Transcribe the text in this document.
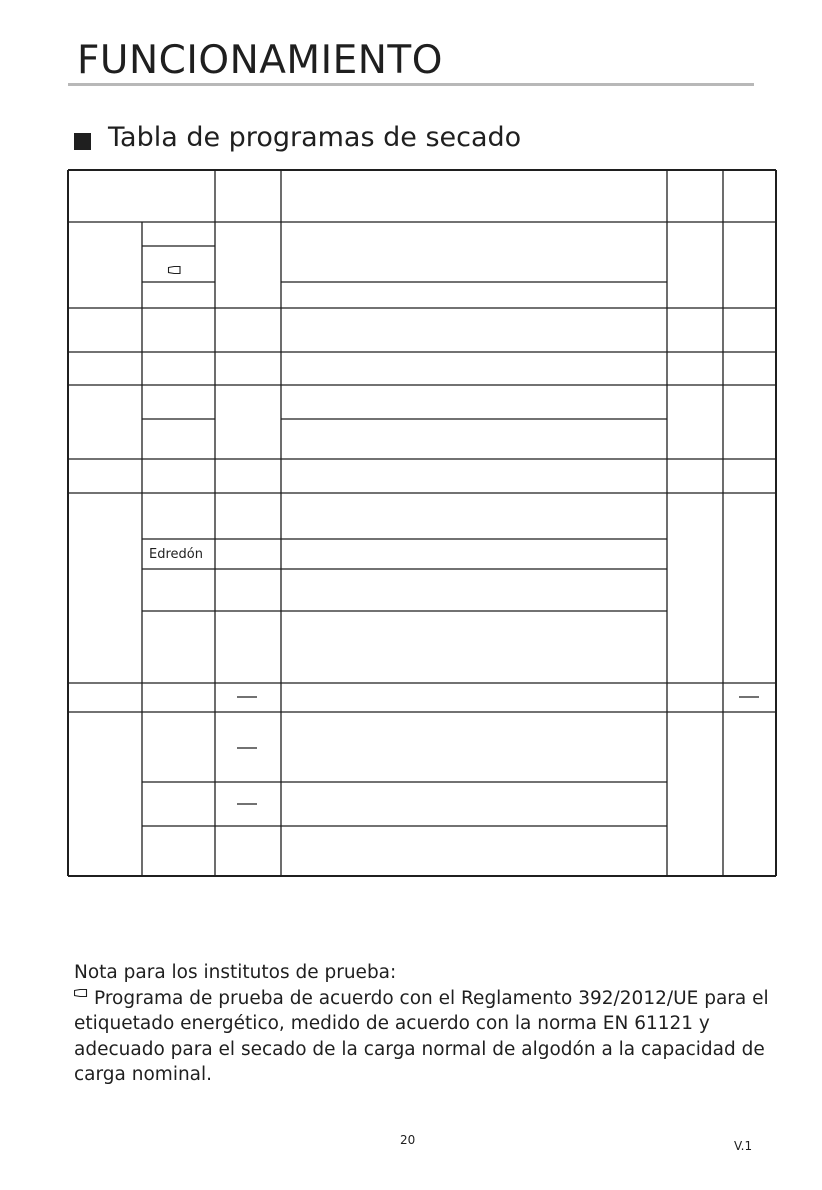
FUNCIONAMIENTO
Tabla de programas de secado
Edredón

Nota para los institutos de prueba:

Programa de prueba de acuerdo con el Reglamento 392/2012/UE para el etiquetado energético, medido de acuerdo con la norma EN 61121 y adecuado para el secado de la carga normal de algodón a la capacidad de carga nominal.

20	V.1
